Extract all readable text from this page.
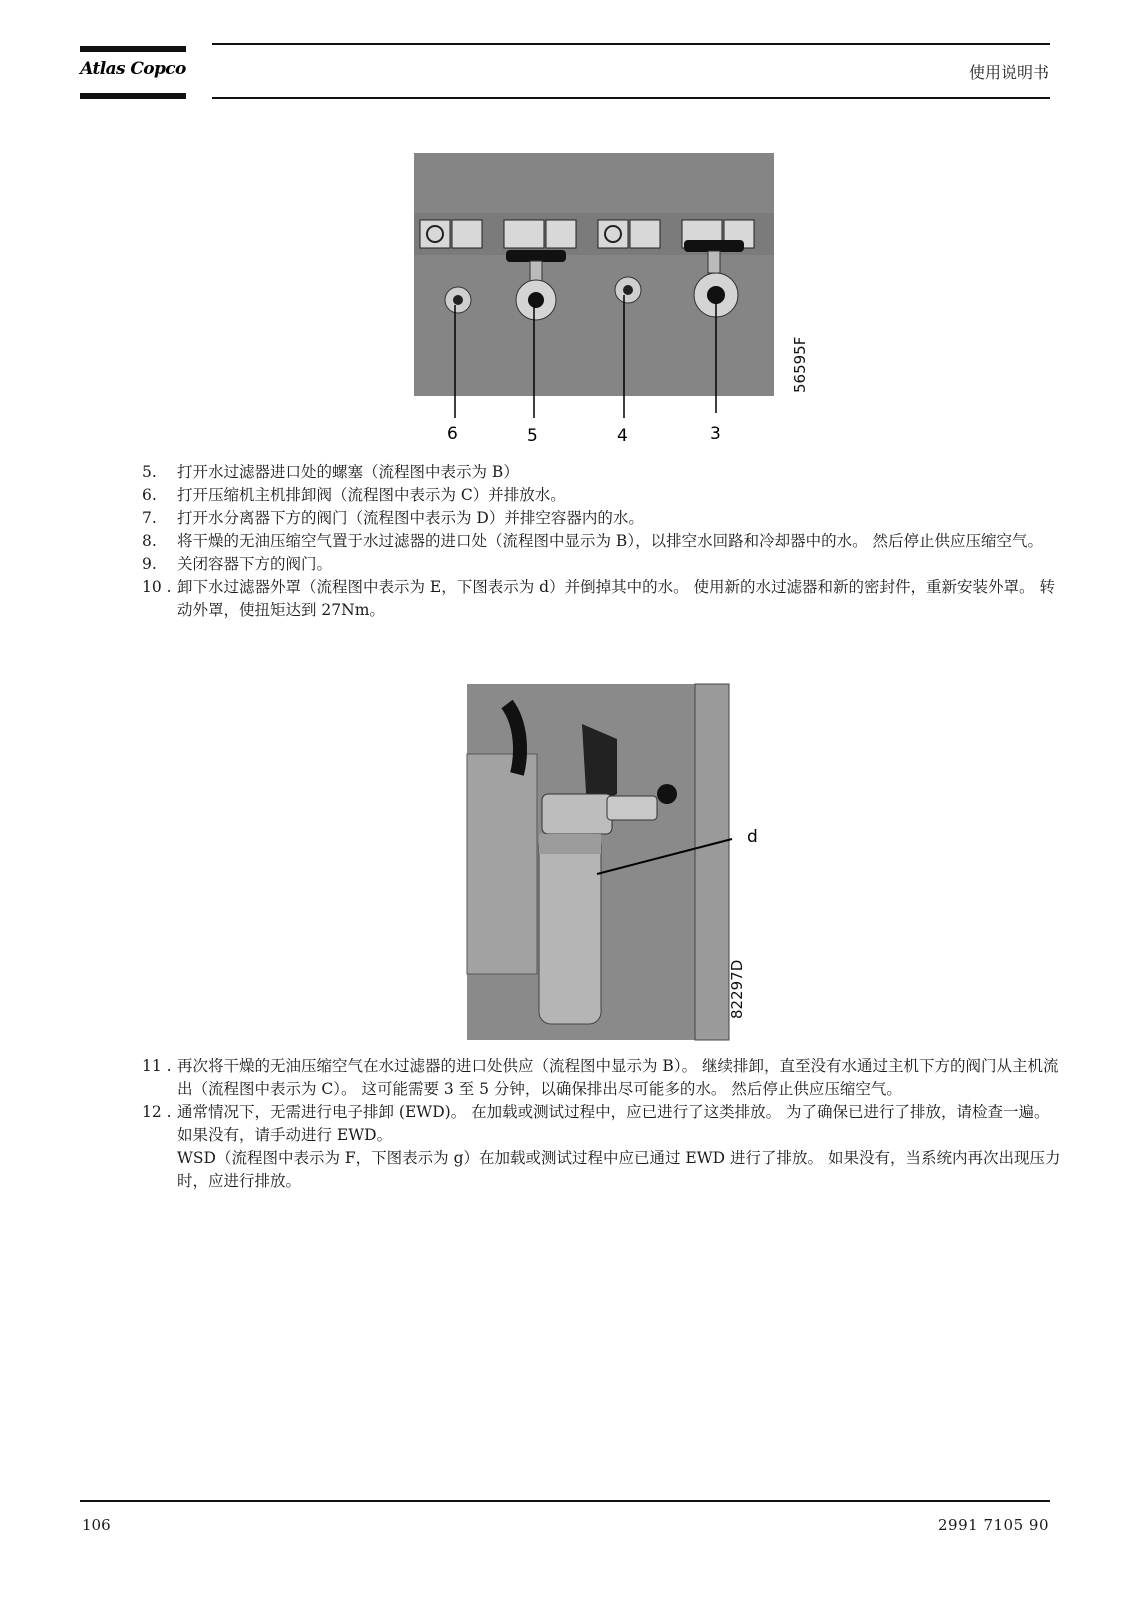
Atlas Copco	使用说明书
6	5	4	3
56595F
5.	打开水过滤器进口处的螺塞（流程图中表示为 B）
6.	打开压缩机主机排卸阀（流程图中表示为 C）并排放水。
7.	打开水分离器下方的阀门（流程图中表示为 D）并排空容器内的水。
8.	将干燥的无油压缩空气置于水过滤器的进口处（流程图中显示为 B），以排空水回路和冷却器中的水。 然后停止供应压缩空气。
9.	关闭容器下方的阀门。
10 . 卸下水过滤器外罩（流程图中表示为 E，下图表示为 d）并倒掉其中的水。 使用新的水过滤器和新的密封件，重新安装外罩。 转动外罩，使扭矩达到 27Nm。
d
82297D
11 . 再次将干燥的无油压缩空气在水过滤器的进口处供应（流程图中显示为 B）。 继续排卸，直至没有水通过主机下方的阀门从主机流出（流程图中表示为 C）。 这可能需要 3 至 5 分钟，以确保排出尽可能多的水。 然后停止供应压缩空气。
12 . 通常情况下，无需进行电子排卸 (EWD)。 在加载或测试过程中，应已进行了这类排放。 为了确保已进行了排放，请检查一遍。 如果没有，请手动进行 EWD。

WSD（流程图中表示为 F，下图表示为 g）在加载或测试过程中应已通过 EWD 进行了排放。 如果没有，当系统内再次出现压力时，应进行排放。

106	2991 7105 90
